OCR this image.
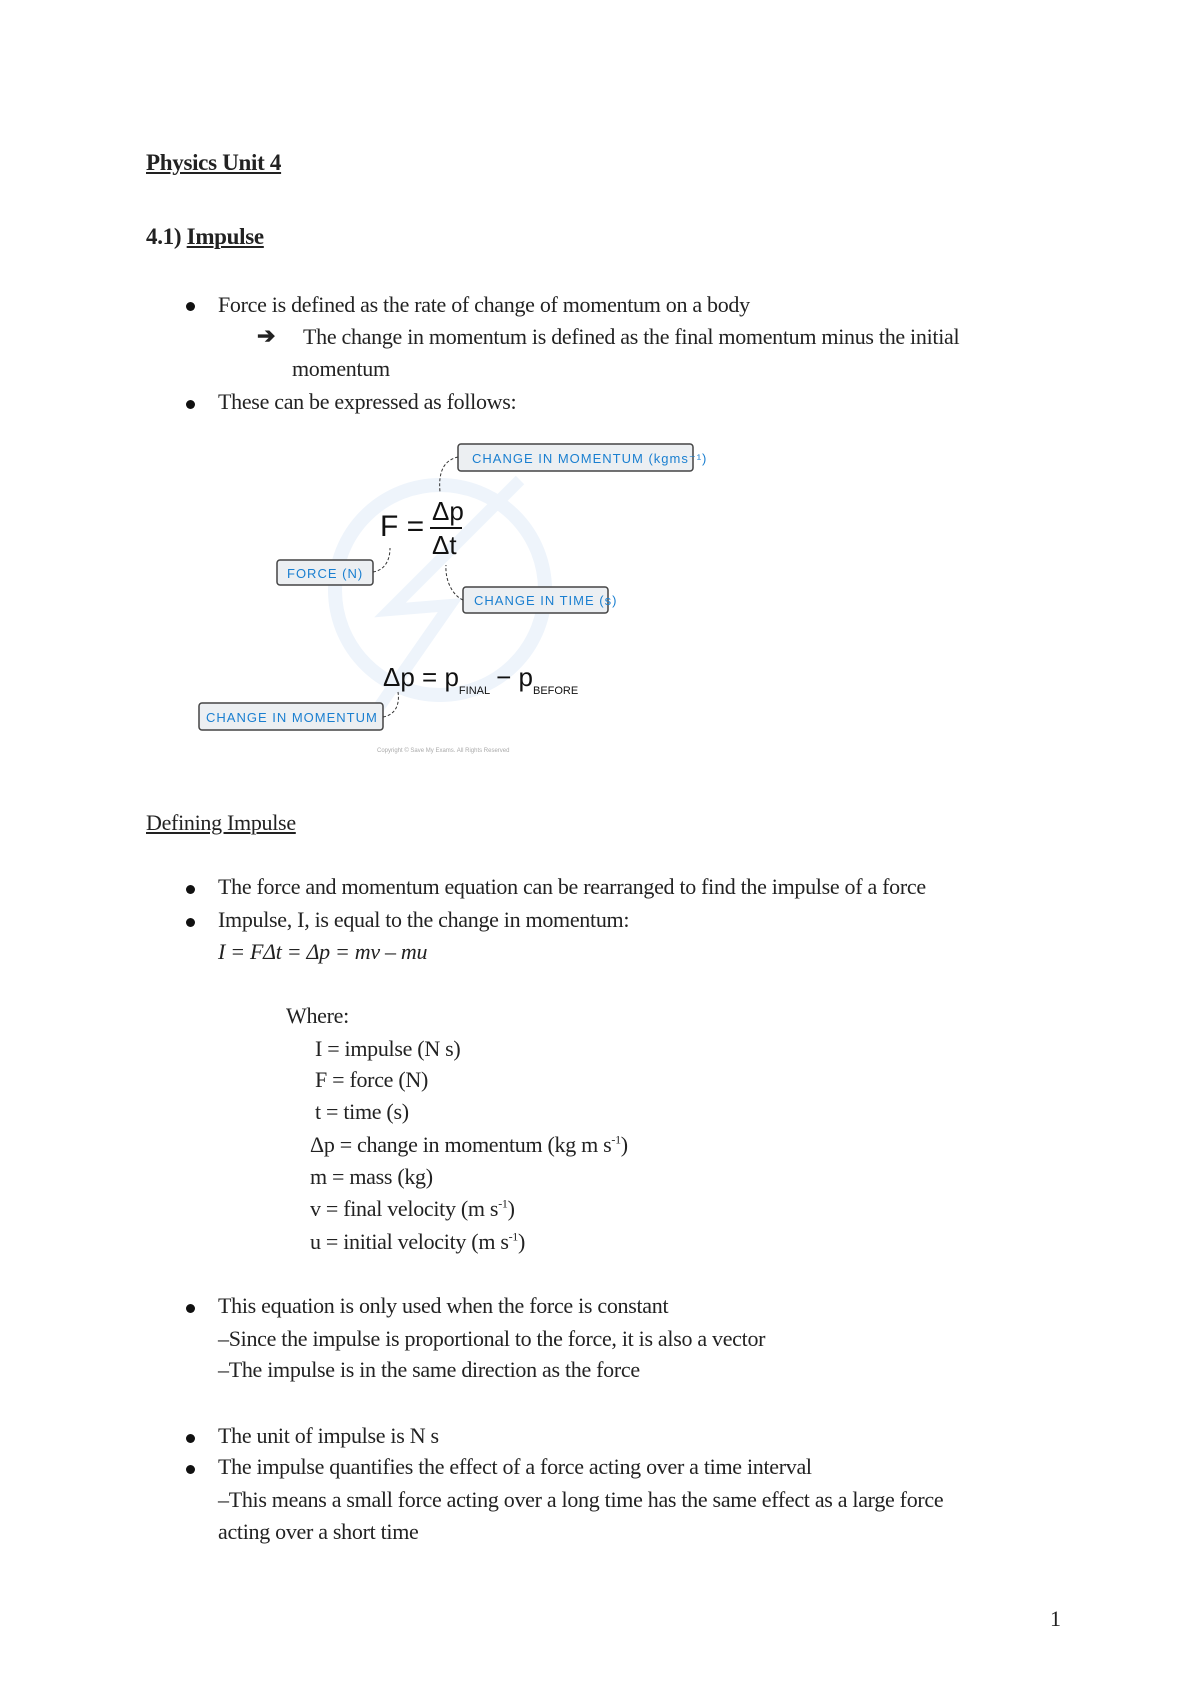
Physics Unit 4
4.1) Impulse
Force is defined as the rate of change of momentum on a body
➔ The change in momentum is defined as the final momentum minus the initial
momentum
These can be expressed as follows:
CHANGE IN MOMENTUM (kgms⁻¹)
F = Δp
Δt
FORCE (N)
CHANGE IN TIME (s)
$\Delta p = p_{FINAL} - p_{BEFORE}$
CHANGE IN MOMENTUM
Copyright © Save My Exams. All Rights Reserved
Defining Impulse
The force and momentum equation can be rearranged to find the impulse of a force
Impulse, I, is equal to the change in momentum:
I = FΔt = Δp = mv – mu
Where:
I = impulse (N s)
F = force (N)
t = time (s)
Δp = change in momentum (kg m $s^{-1}$)
m = mass (kg)
v = final velocity (m $s^{-1}$)
u = initial velocity (m $s^{-1}$)
This equation is only used when the force is constant
–Since the impulse is proportional to the force, it is also a vector
–The impulse is in the same direction as the force
The unit of impulse is N s
The impulse quantifies the effect of a force acting over a time interval
–This means a small force acting over a long time has the same effect as a large force
acting over a short time
1
